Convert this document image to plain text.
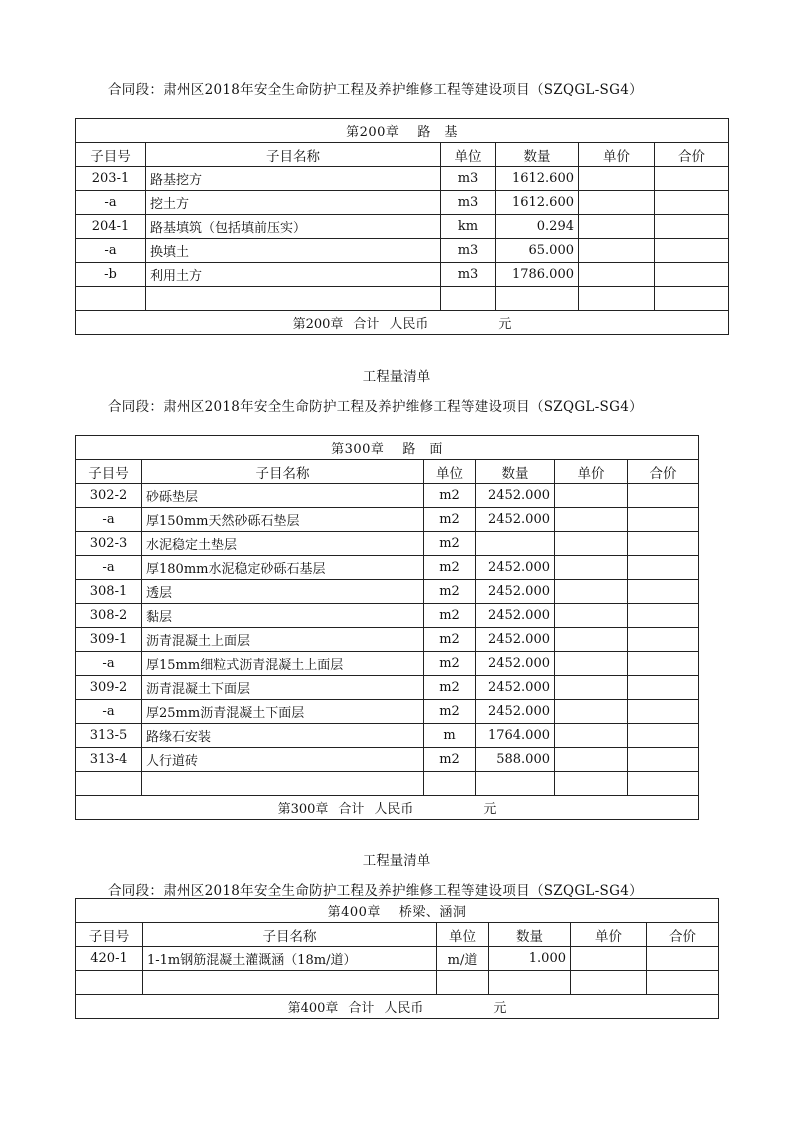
合同段：肃州区2018年安全生命防护工程及养护维修工程等建设项目（SZQGL-SG4）
第200章 路　基					
子目号	子目名称	单位	数量	单价	合价
203-1	路基挖方	m3	1612.600		
-a	挖土方	m3	1612.600		
204-1	路基填筑（包括填前压实）	km	0.294		
-a	换填土	m3	65.000		
-b	利用土方	m3	1786.000		

第200章 合计 人民币 元					
工程量清单
合同段：肃州区2018年安全生命防护工程及养护维修工程等建设项目（SZQGL-SG4）
第300章 路　面					
子目号	子目名称	单位	数量	单价	合价
302-2	砂砾垫层	m2	2452.000		
-a	厚150mm天然砂砾石垫层	m2	2452.000		
302-3	水泥稳定土垫层	m2			
-a	厚180mm水泥稳定砂砾石基层	m2	2452.000		
308-1	透层	m2	2452.000		
308-2	黏层	m2	2452.000		
309-1	沥青混凝土上面层	m2	2452.000		
-a	厚15mm细粒式沥青混凝土上面层	m2	2452.000		
309-2	沥青混凝土下面层	m2	2452.000		
-a	厚25mm沥青混凝土下面层	m2	2452.000		
313-5	路缘石安装	m	1764.000		
313-4	人行道砖	m2	588.000		

第300章 合计 人民币 元					
工程量清单
合同段：肃州区2018年安全生命防护工程及养护维修工程等建设项目（SZQGL-SG4）
第400章 桥梁、涵洞					
子目号	子目名称	单位	数量	单价	合价
420-1	1-1m钢筋混凝土灌溉涵（18m/道）	m/道	1.000		

第400章 合计 人民币 元					
